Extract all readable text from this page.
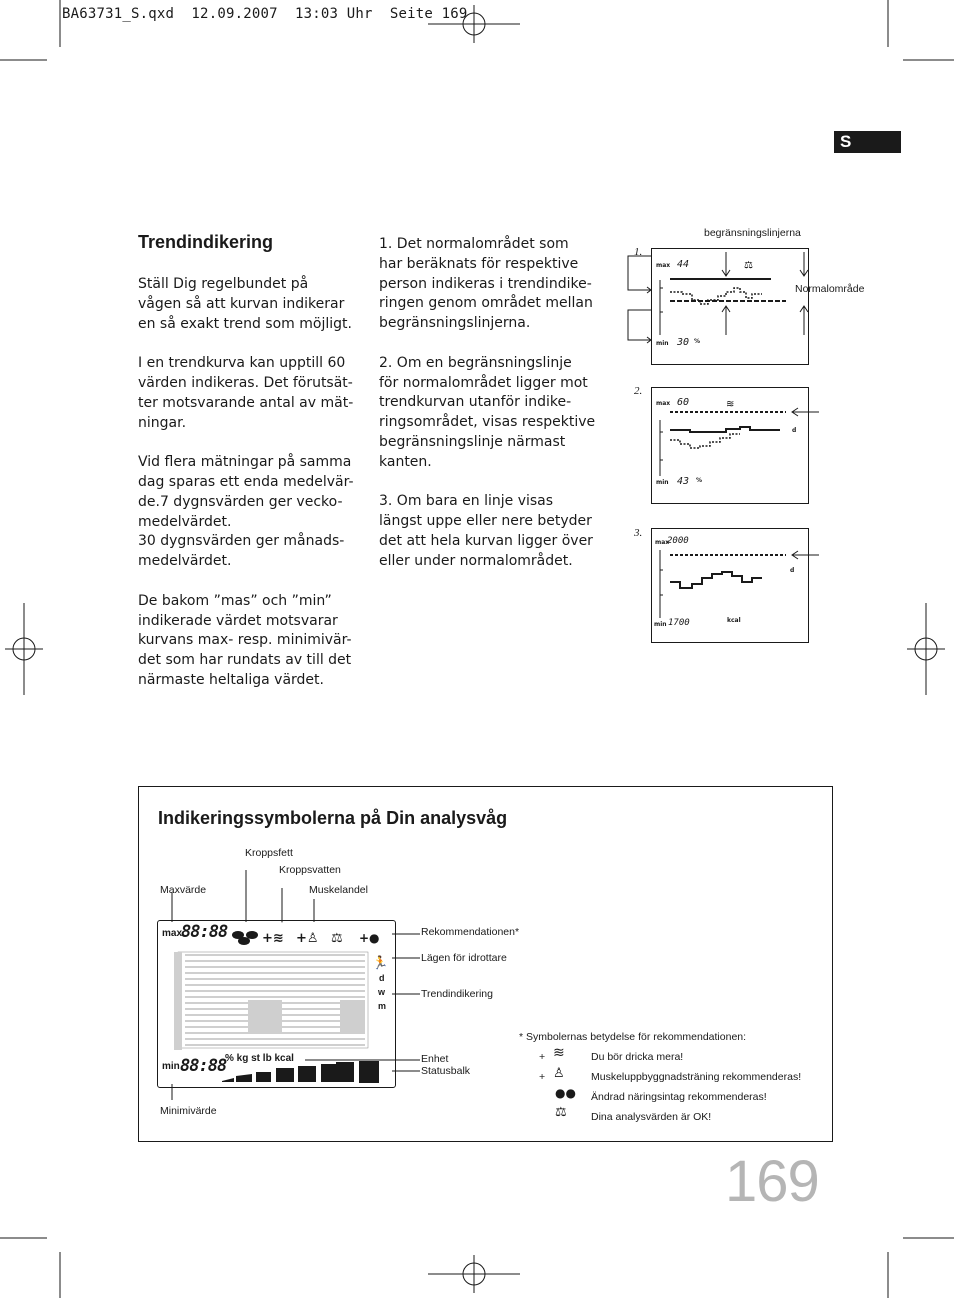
BA63731_S.qxd  12.09.2007  13:03 Uhr  Seite 169
S
Trendindikering

Ställ Dig regelbundet på
vågen så att kurvan indikerar
en så exakt trend som möjligt.

I en trendkurva kan upptill 60
värden indikeras. Det förutsät-
ter motsvarande antal av mät-
ningar.

Vid flera mätningar på samma
dag sparas ett enda medelvär-
de.7 dygnsvärden ger vecko-
medelvärdet.
30 dygnsvärden ger månads-
medelvärdet.

De bakom ”mas” och ”min”
indikerade värdet motsvarar
kurvans max- resp. minimivär-
det som har rundats av till det
närmaste heltaliga värdet.

1. Det normalområdet som
har beräknats för respektive
person indikeras i trendindike-
ringen genom området mellan
begränsningslinjerna.

2. Om en begränsningslinje
för normalområdet ligger mot
trendkurvan utanför indike-
ringsområdet, visas respektive
begränsningslinje närmast
kanten.

3. Om bara en linje visas
längst uppe eller nere betyder
det att hela kurvan ligger över
eller under normalområdet.

begränsningslinjerna
1.
Normalområde
max 44
min 30 %
⚖
2.
max 60
min 43 %
d
≋
3.
max
2000
min 1700	kcal
d
Indikeringssymbolerna på Din analysvåg
Kroppsfett
Kroppsvatten
Maxvärde	Muskelandel
Rekommendationen*
Lägen för idrottare
Trendindikering
Enhet
Statusbalk
Minimivärde
max
88:88
min 88:88
% kg st lb kcal
d
w
m
+≋ +♙ ⚖ +●
🏃
* Symbolernas betydelse för rekommendationen:
+ ≋	Du bör dricka mera!
+ ♙	Muskeluppbyggnadsträning rekommenderas!
●● Ändrad näringsintag rekommenderas!
⚖ Dina analysvärden är OK!
169
